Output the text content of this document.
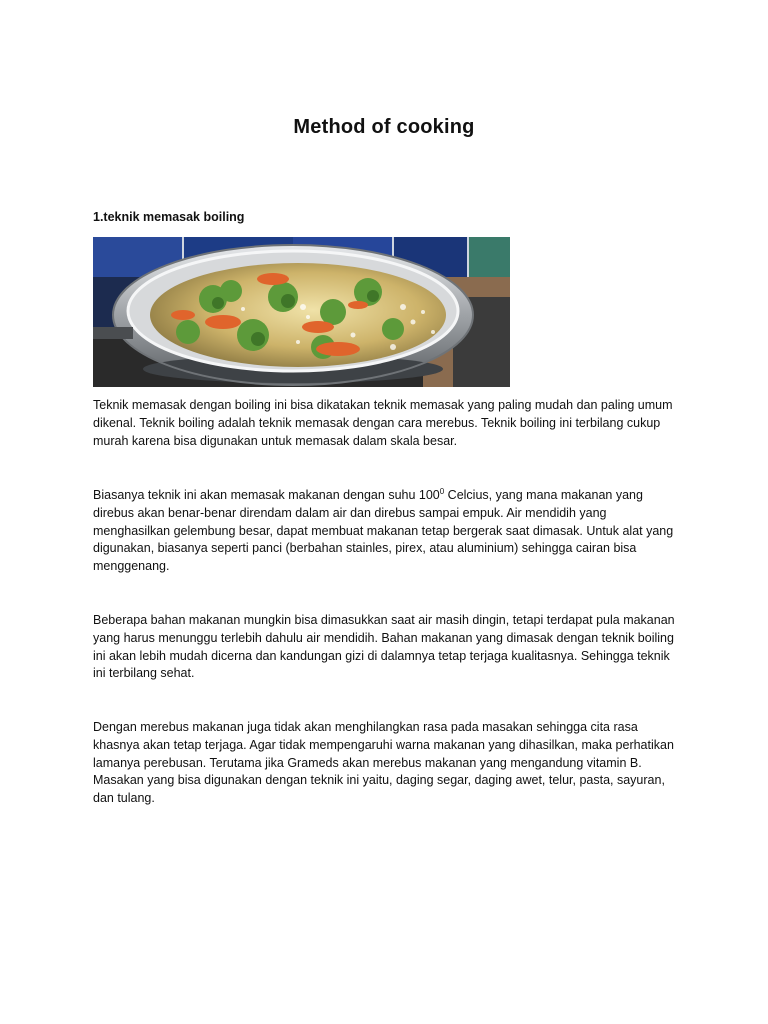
Method of cooking
1.teknik memasak boiling

Teknik memasak dengan boiling ini bisa dikatakan teknik memasak yang paling mudah dan paling umum dikenal. Teknik boiling adalah teknik memasak dengan cara merebus. Teknik boiling ini terbilang cukup murah karena bisa digunakan untuk memasak dalam skala besar.

Biasanya teknik ini akan memasak makanan dengan suhu $100^0$ Celcius, yang mana makanan yang direbus akan benar-benar direndam dalam air dan direbus sampai empuk. Air mendidih yang menghasilkan gelembung besar, dapat membuat makanan tetap bergerak saat dimasak. Untuk alat yang digunakan, biasanya seperti panci (berbahan stainles, pirex, atau aluminium) sehingga cairan bisa menggenang.

Beberapa bahan makanan mungkin bisa dimasukkan saat air masih dingin, tetapi terdapat pula makanan yang harus menunggu terlebih dahulu air mendidih. Bahan makanan yang dimasak dengan teknik boiling ini akan lebih mudah dicerna dan kandungan gizi di dalamnya tetap terjaga kualitasnya. Sehingga teknik ini terbilang sehat.

Dengan merebus makanan juga tidak akan menghilangkan rasa pada masakan sehingga cita rasa khasnya akan tetap terjaga. Agar tidak mempengaruhi warna makanan yang dihasilkan, maka perhatikan lamanya perebusan. Terutama jika Grameds akan merebus makanan yang mengandung vitamin B. Masakan yang bisa digunakan dengan teknik ini yaitu, daging segar, daging awet, telur, pasta, sayuran, dan tulang.
